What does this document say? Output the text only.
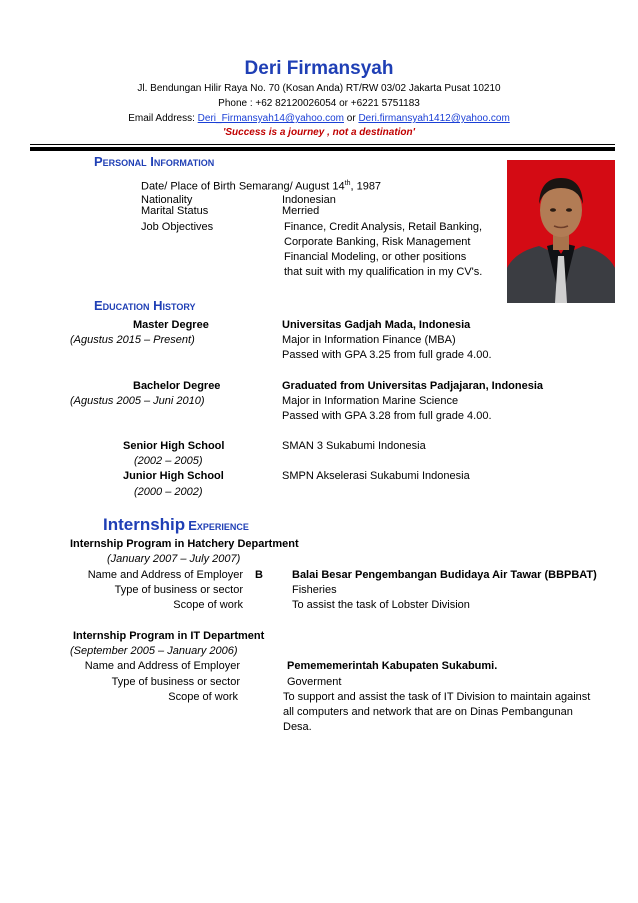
Deri Firmansyah
Jl. Bendungan Hilir Raya No. 70 (Kosan Anda) RT/RW 03/02 Jakarta Pusat 10210
Phone : +62 82120026054 or +6221 5751183
Email Address: Deri_Firmansyah14@yahoo.com or Deri.firmansyah1412@yahoo.com
'Success is a journey , not a destination'
Personal Information
Date/ Place of Birth Semarang/ August 14th, 1987
Nationality	Indonesian
Marital Status	Merried
Job Objectives	Finance, Credit Analysis, Retail Banking,
Corporate Banking, Risk Management
Financial Modeling, or other positions
that suit with my qualification in my CV's.
Education History
Master Degree	Universitas Gadjah Mada, Indonesia
(Agustus 2015 – Present)	Major in Information Finance (MBA)
Passed with GPA 3.25 from full grade 4.00.
Bachelor Degree	Graduated from Universitas Padjajaran, Indonesia
(Agustus 2005 – Juni 2010)	Major in Information Marine Science
Passed with GPA 3.28 from full grade 4.00.
Senior High School	SMAN 3 Sukabumi Indonesia
(2002 – 2005)
Junior High School	SMPN Akselerasi Sukabumi Indonesia
(2000 – 2002)
Internship Experience
Internship Program in Hatchery Department
(January 2007 – July 2007)
Name and Address of Employer B	Balai Besar Pengembangan Budidaya Air Tawar (BBPBAT)
Type of business or sector	Fisheries
Scope of work	To assist the task of Lobster Division
Internship Program in IT Department
(September 2005 – January 2006)
Name and Address of Employer	Pemememerintah Kabupaten Sukabumi.
Type of business or sector	Goverment
Scope of work	To support and assist the task of IT Division to maintain against
all computers and network that are on Dinas Pembangunan
Desa.
